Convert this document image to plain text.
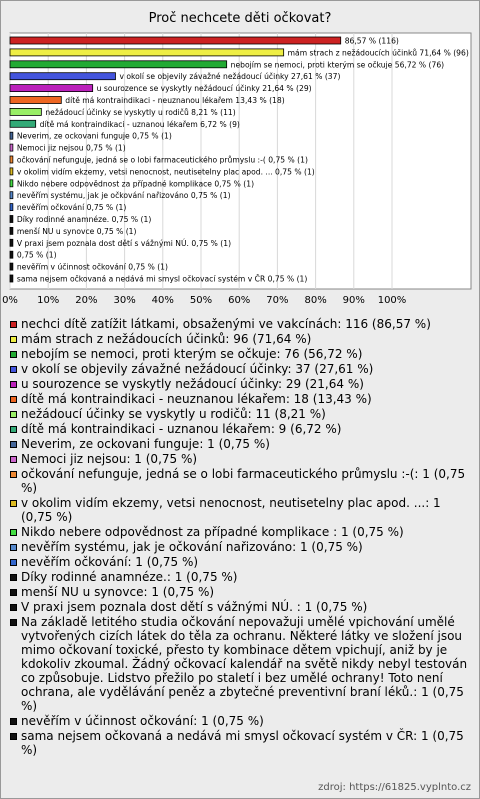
Proč nechcete děti očkovat?
0% 10% 20% 30% 40% 50% 60% 70% 80% 90% 100%
86,57 % (116)
mám strach z nežádoucích účinků 71,64 % (96)
nebojím se nemoci, proti kterým se očkuje 56,72 % (76)
v okolí se objevily závažné nežádoucí účinky 27,61 % (37)
u sourozence se vyskytly nežádoucí účinky 21,64 % (29)
dítě má kontraindikaci - neuznanou lékařem 13,43 % (18)
nežádoucí účinky se vyskytly u rodičů 8,21 % (11)
dítě má kontraindikaci - uznanou lékařem 6,72 % (9)
Neverim, ze ockovani funguje 0,75 % (1)
Nemoci jiz nejsou 0,75 % (1)
očkování nefunguje, jedná se o lobi farmaceutického průmyslu :-( 0,75 % (1)
v okolim vidím ekzemy, vetsi nenocnost, neutisetelny plac apod. ... 0,75 % (1)
Nikdo nebere odpovědnost za případné komplikace 0,75 % (1)
nevěřím systému, jak je očkování nařizováno 0,75 % (1)
nevěřím očkování 0,75 % (1)
Díky rodinné anamnéze. 0,75 % (1)
menší NU u synovce 0,75 % (1)
V praxi jsem poznala dost dětí s vážnými NÚ. 0,75 % (1)
0,75 % (1)
nevěřím v účinnost očkování 0,75 % (1)
sama nejsem očkovaná a nedává mi smysl očkovací systém v ČR 0,75 % (1)
nechci dítě zatížit látkami, obsaženými ve vakcínách: 116 (86,57 %)
mám strach z nežádoucích účinků: 96 (71,64 %)
nebojím se nemoci, proti kterým se očkuje: 76 (56,72 %)
v okolí se objevily závažné nežádoucí účinky: 37 (27,61 %)
u sourozence se vyskytly nežádoucí účinky: 29 (21,64 %)
dítě má kontraindikaci - neuznanou lékařem: 18 (13,43 %)
nežádoucí účinky se vyskytly u rodičů: 11 (8,21 %)
dítě má kontraindikaci - uznanou lékařem: 9 (6,72 %)
Neverim, ze ockovani funguje: 1 (0,75 %)
Nemoci jiz nejsou: 1 (0,75 %)
očkování nefunguje, jedná se o lobi farmaceutického průmyslu :-(: 1 (0,75 %)
v okolim vidím ekzemy, vetsi nenocnost, neutisetelny plac apod. ...: 1 (0,75 %)
Nikdo nebere odpovědnost za případné komplikace : 1 (0,75 %)
nevěřím systému, jak je očkování nařizováno: 1 (0,75 %)
nevěřím očkování: 1 (0,75 %)
Díky rodinné anamnéze.: 1 (0,75 %)
menší NU u synovce: 1 (0,75 %)
V praxi jsem poznala dost dětí s vážnými NÚ. : 1 (0,75 %)
Na základě letitého studia očkování nepovažuji umělé vpichování umělé vytvořených cizích látek do těla za ochranu. Některé látky ve složení jsou mimo očkovaní toxické, přesto ty kombinace dětem vpichují, aniž by je kdokoliv zkoumal. Žádný očkovací kalendář na světě nikdy nebyl testován co způsobuje. Lidstvo přežilo po staletí i bez umělé ochrany! Toto není ochrana, ale vydělávání peněz a zbytečné preventivní braní léků.: 1 (0,75 %)
nevěřím v účinnost očkování: 1 (0,75 %)
sama nejsem očkovaná a nedává mi smysl očkovací systém v ČR: 1 (0,75 %)
zdroj: https://61825.vyplnto.cz
